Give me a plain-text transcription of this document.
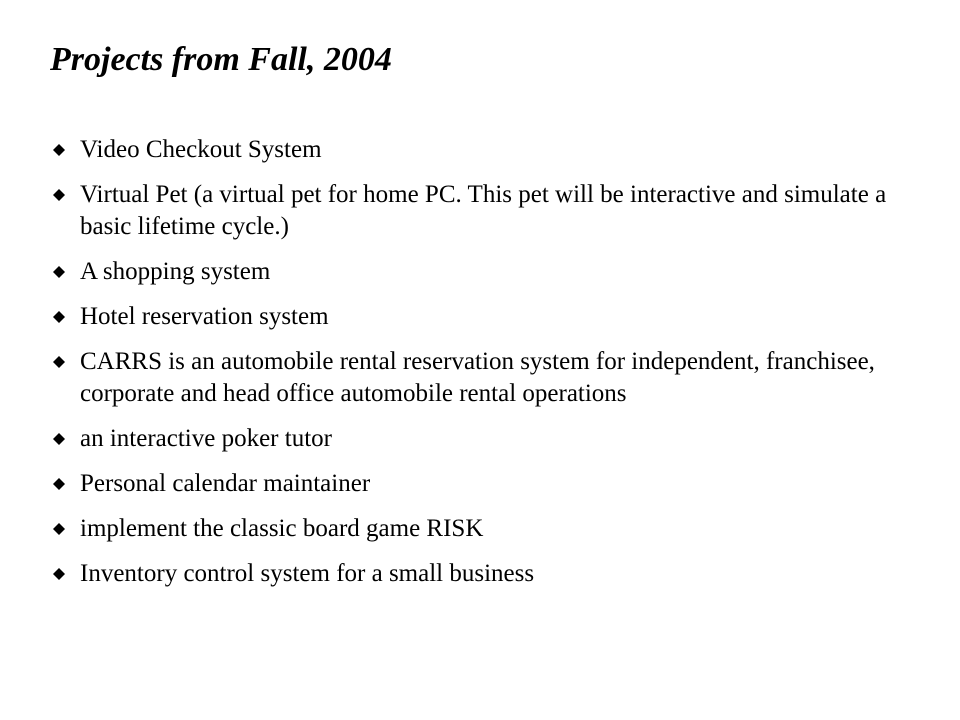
Projects from Fall, 2004
Video Checkout System
Virtual Pet (a virtual pet for home PC. This pet will be interactive and simulate a basic lifetime cycle.)
A shopping system
Hotel reservation system
CARRS is an automobile rental reservation system for independent, franchisee, corporate and head office automobile rental operations
an interactive poker tutor
Personal calendar maintainer
implement the classic board game RISK
Inventory control system for a small business
